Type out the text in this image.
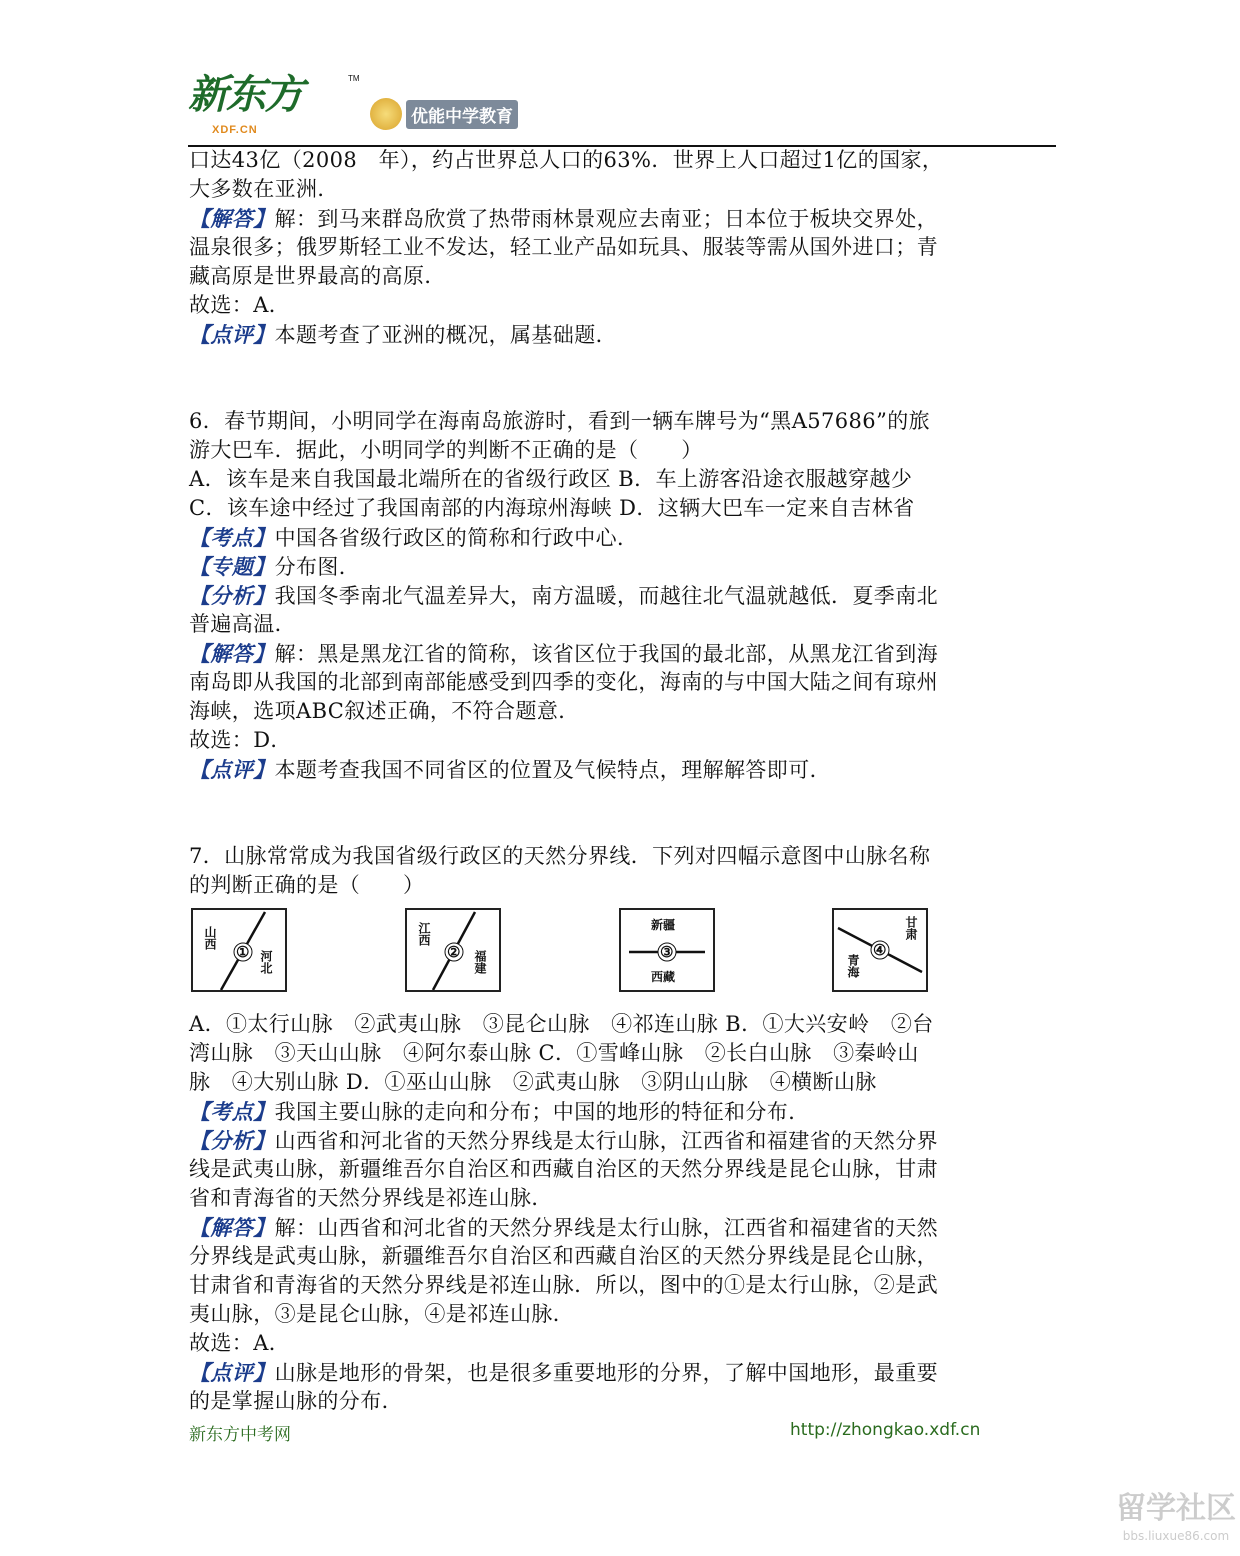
新东方
XDF.CN
TM
优能中学教育
口达43亿（2008　年），约占世界总人口的63%．世界上人口超过1亿的国家，
大多数在亚洲．
【解答】解：到马来群岛欣赏了热带雨林景观应去南亚；日本位于板块交界处，
温泉很多；俄罗斯轻工业不发达，轻工业产品如玩具、服装等需从国外进口；青
藏高原是世界最高的高原．
故选：A．
【点评】本题考查了亚洲的概况，属基础题．
6．春节期间，小明同学在海南岛旅游时，看到一辆车牌号为“黑A57686”的旅
游大巴车．据此，小明同学的判断不正确的是（　　）
A．该车是来自我国最北端所在的省级行政区 B．车上游客沿途衣服越穿越少
C．该车途中经过了我国南部的内海琼州海峡 D．这辆大巴车一定来自吉林省
【考点】中国各省级行政区的简称和行政中心．
【专题】分布图．
【分析】我国冬季南北气温差异大，南方温暖，而越往北气温就越低．夏季南北
普遍高温．
【解答】解：黑是黑龙江省的简称，该省区位于我国的最北部，从黑龙江省到海
南岛即从我国的北部到南部能感受到四季的变化，海南的与中国大陆之间有琼州
海峡，选项ABC叙述正确，不符合题意．
故选：D．
【点评】本题考查我国不同省区的位置及气候特点，理解解答即可．
7．山脉常常成为我国省级行政区的天然分界线．下列对四幅示意图中山脉名称
的判断正确的是（　　）
①
山西
河北	②
江西
福建	③
新疆
西藏
④
甘肃
青海
A．①太行山脉　②武夷山脉　③昆仑山脉　④祁连山脉 B．①大兴安岭　②台
湾山脉　③天山山脉　④阿尔泰山脉 C．①雪峰山脉　②长白山脉　③秦岭山
脉　④大别山脉 D．①巫山山脉　②武夷山脉　③阴山山脉　④横断山脉
【考点】我国主要山脉的走向和分布；中国的地形的特征和分布．
【分析】山西省和河北省的天然分界线是太行山脉，江西省和福建省的天然分界
线是武夷山脉，新疆维吾尔自治区和西藏自治区的天然分界线是昆仑山脉，甘肃
省和青海省的天然分界线是祁连山脉．
【解答】解：山西省和河北省的天然分界线是太行山脉，江西省和福建省的天然
分界线是武夷山脉，新疆维吾尔自治区和西藏自治区的天然分界线是昆仑山脉，
甘肃省和青海省的天然分界线是祁连山脉．所以，图中的①是太行山脉，②是武
夷山脉，③是昆仑山脉，④是祁连山脉．
故选：A．
【点评】山脉是地形的骨架，也是很多重要地形的分界，了解中国地形，最重要
的是掌握山脉的分布．
新东方中考网	http://zhongkao.xdf.cn
留学社区
bbs.liuxue86.com
